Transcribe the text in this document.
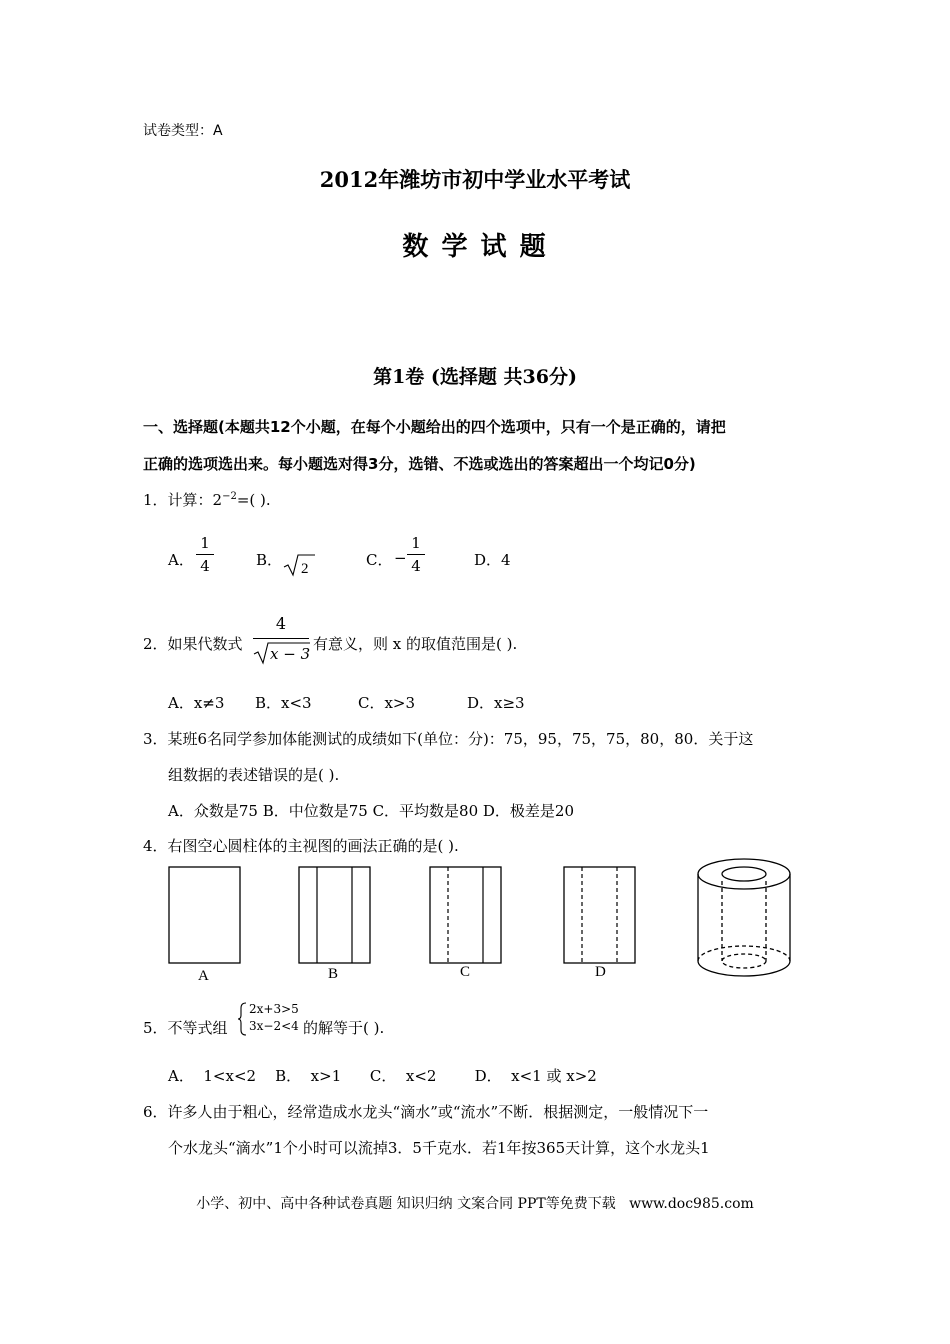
试卷类型：A
2012年潍坊市初中学业水平考试
数 学 试 题
第1卷 (选择题 共36分)
一、选择题(本题共12个小题，在每个小题给出的四个选项中，只有一个是正确的，请把
正确的选项选出来。每小题选对得3分，选错、不选或选出的答案超出一个均记0分)
1．计算：$2^{-2}=$( ).
A．
1
4	B． 2	C． −
1
4	D．4
2．如果代数式
4
x − 3
有意义，则 x 的取值范围是( ).
A．x≠3 B．x<3	C．x>3	D．x≥3
3．某班6名同学参加体能测试的成绩如下(单位：分)：75，95，75，75，80，80．关于这
组数据的表述错误的是( ).
A．众数是75 B．中位数是75 C．平均数是80 D．极差是20
4．右图空心圆柱体的主视图的画法正确的是( ).
A	B	C	D
5．不等式组
2x+3>5
3x−2<4 的解等于( ).
A．  1<x<2    B．  x>1      C．  x<2        D．  x<1 或 x>2
6．许多人由于粗心，经常造成水龙头“滴水”或“流水”不断．根据测定，一般情况下一
个水龙头“滴水”1个小时可以流掉3．5千克水．若1年按365天计算，这个水龙头1
小学、初中、高中各种试卷真题 知识归纳 文案合同 PPT等免费下载   www.doc985.com
